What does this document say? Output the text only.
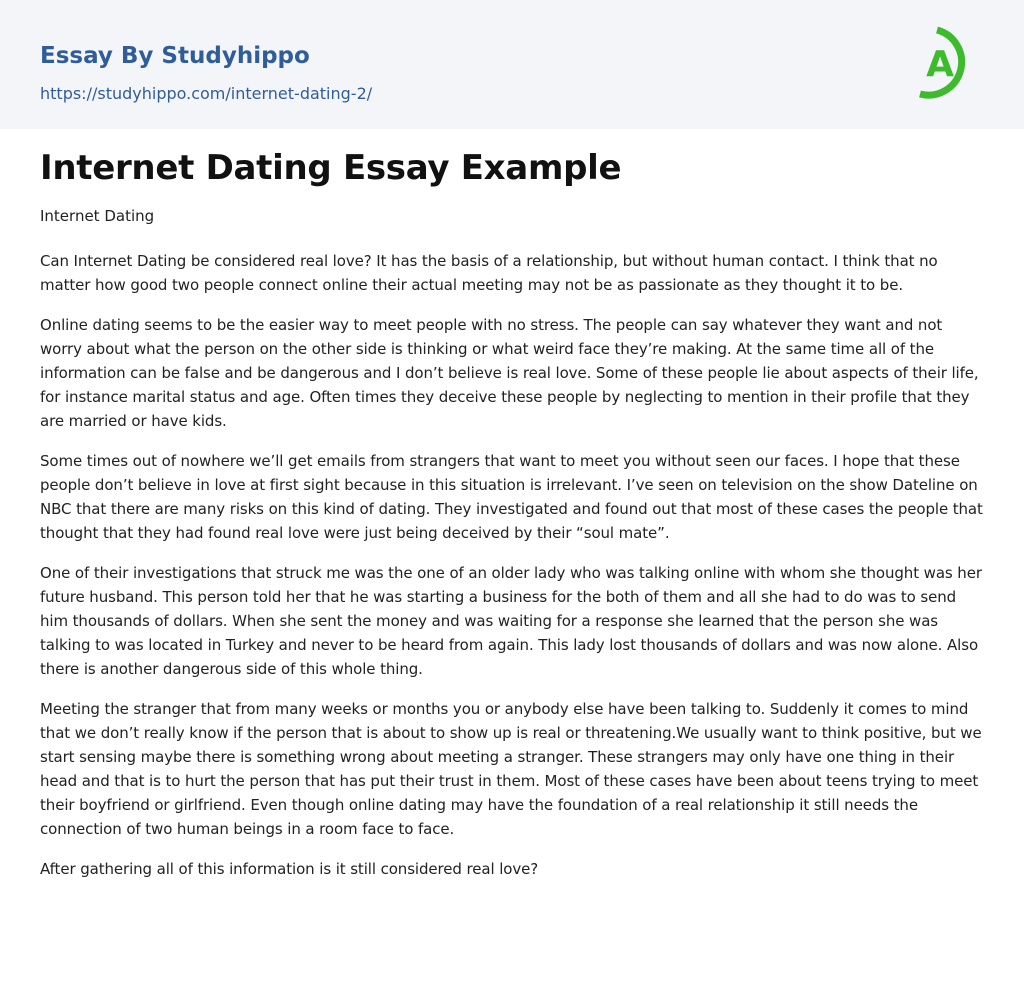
Essay By Studyhippo
https://studyhippo.com/internet-dating-2/
A
Internet Dating Essay Example

Internet Dating

Can Internet Dating be considered real love? It has the basis of a relationship, but without human contact. I think that no matter how good two people connect online their actual meeting may not be as passionate as they thought it to be.

Online dating seems to be the easier way to meet people with no stress. The people can say whatever they want and not worry about what the person on the other side is thinking or what weird face they’re making. At the same time all of the information can be false and be dangerous and I don’t believe is real love. Some of these people lie about aspects of their life, for instance marital status and age. Often times they deceive these people by neglecting to mention in their profile that they are married or have kids.

Some times out of nowhere we’ll get emails from strangers that want to meet you without seen our faces. I hope that these people don’t believe in love at first sight because in this situation is irrelevant. I’ve seen on television on the show Dateline on NBC that there are many risks on this kind of dating. They investigated and found out that most of these cases the people that thought that they had found real love were just being deceived by their “soul mate”.

One of their investigations that struck me was the one of an older lady who was talking online with whom she thought was her future husband. This person told her that he was starting a business for the both of them and all she had to do was to send him thousands of dollars. When she sent the money and was waiting for a response she learned that the person she was talking to was located in Turkey and never to be heard from again. This lady lost thousands of dollars and was now alone. Also there is another dangerous side of this whole thing.

Meeting the stranger that from many weeks or months you or anybody else have been talking to. Suddenly it comes to mind that we don’t really know if the person that is about to show up is real or threatening.We usually want to think positive, but we start sensing maybe there is something wrong about meeting a stranger. These strangers may only have one thing in their head and that is to hurt the person that has put their trust in them. Most of these cases have been about teens trying to meet their boyfriend or girlfriend. Even though online dating may have the foundation of a real relationship it still needs the connection of two human beings in a room face to face.

After gathering all of this information is it still considered real love?
